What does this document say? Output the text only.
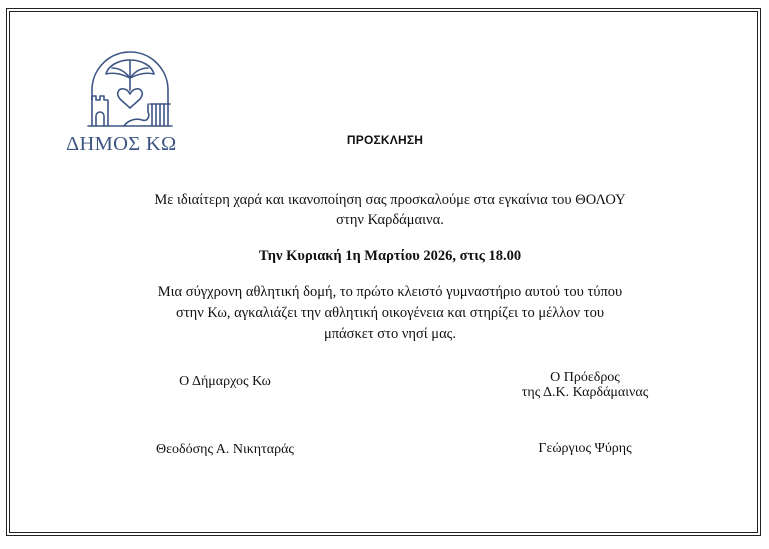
ΔΗΜΟΣ ΚΩ	ΠΡΟΣΚΛΗΣΗ
Με ιδιαίτερη χαρά και ικανοποίηση σας προσκαλούμε στα εγκαίνια του ΘΟΛΟΥ
στην Καρδάμαινα.
Την Κυριακή 1η Μαρτίου 2026, στις 18.00
Μια σύγχρονη αθλητική δομή, το πρώτο κλειστό γυμναστήριο αυτού του τύπου
στην Κω, αγκαλιάζει την αθλητική οικογένεια και στηρίζει το μέλλον του
μπάσκετ στο νησί μας.
Ο Δήμαρχος Κω	Ο Πρόεδρος
της Δ.Κ. Καρδάμαινας
Θεοδόσης Α. Νικηταράς	Γεώργιος Ψύρης
